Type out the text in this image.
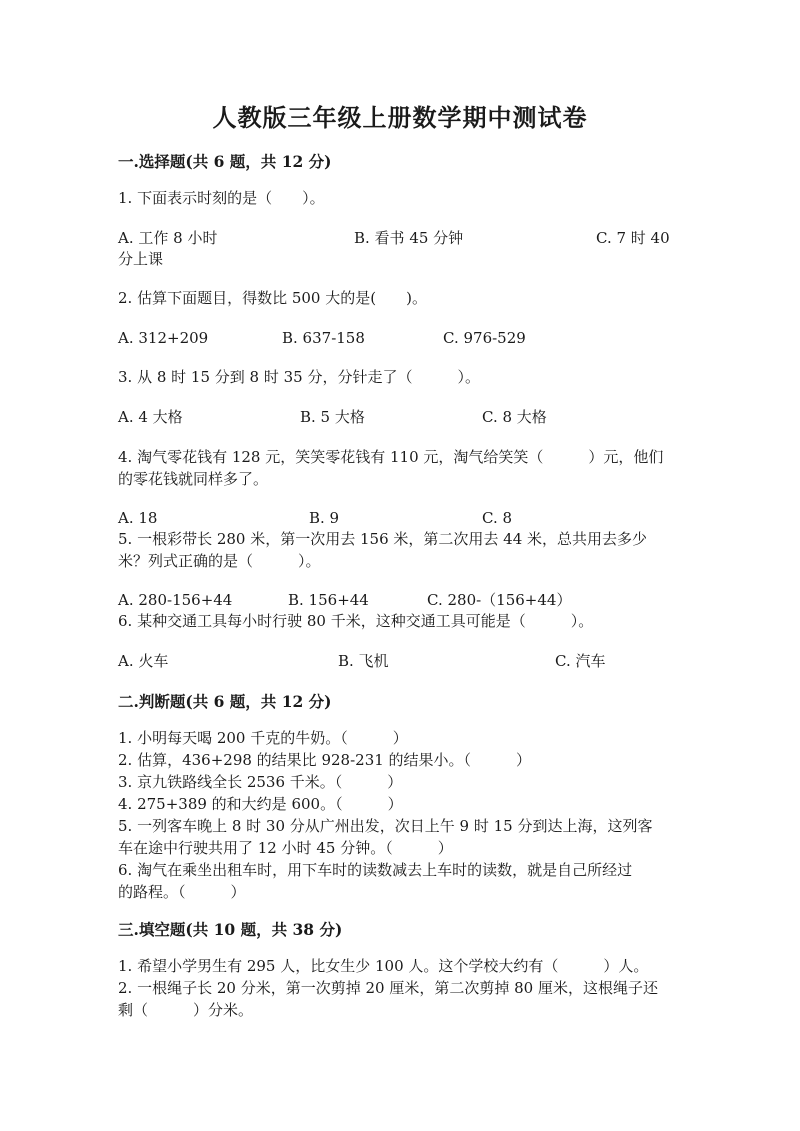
人教版三年级上册数学期中测试卷
一.选择题(共 6 题，共 12 分)
1. 下面表示时刻的是（　　）。
A. 工作 8 小时	B. 看书 45 分钟	C. 7 时 40
分上课
2. 估算下面题目，得数比 500 大的是(　　)。
A. 312+209	B. 637-158	C. 976-529
3. 从 8 时 15 分到 8 时 35 分，分针走了（　　　）。
A. 4 大格	B. 5 大格	C. 8 大格
4. 淘气零花钱有 128 元，笑笑零花钱有 110 元，淘气给笑笑（　　　）元，他们
的零花钱就同样多了。
A. 18	B. 9	C. 8
5. 一根彩带长 280 米，第一次用去 156 米，第二次用去 44 米，总共用去多少
米？列式正确的是（　　　）。
A. 280-156+44	B. 156+44	C. 280-（156+44）
6. 某种交通工具每小时行驶 80 千米，这种交通工具可能是（　　　）。
A. 火车	B. 飞机	C. 汽车
二.判断题(共 6 题，共 12 分)
1. 小明每天喝 200 千克的牛奶。（　　　）
2. 估算，436+298 的结果比 928-231 的结果小。（　　　）
3. 京九铁路线全长 2536 千米。（　　　）
4. 275+389 的和大约是 600。（　　　）
5. 一列客车晚上 8 时 30 分从广州出发，次日上午 9 时 15 分到达上海，这列客
车在途中行驶共用了 12 小时 45 分钟。（　　　）
6. 淘气在乘坐出租车时，用下车时的读数减去上车时的读数，就是自己所经过
的路程。（　　　）
三.填空题(共 10 题，共 38 分)
1. 希望小学男生有 295 人，比女生少 100 人。这个学校大约有（　　　）人。
2. 一根绳子长 20 分米，第一次剪掉 20 厘米，第二次剪掉 80 厘米，这根绳子还
剩（　　　）分米。
